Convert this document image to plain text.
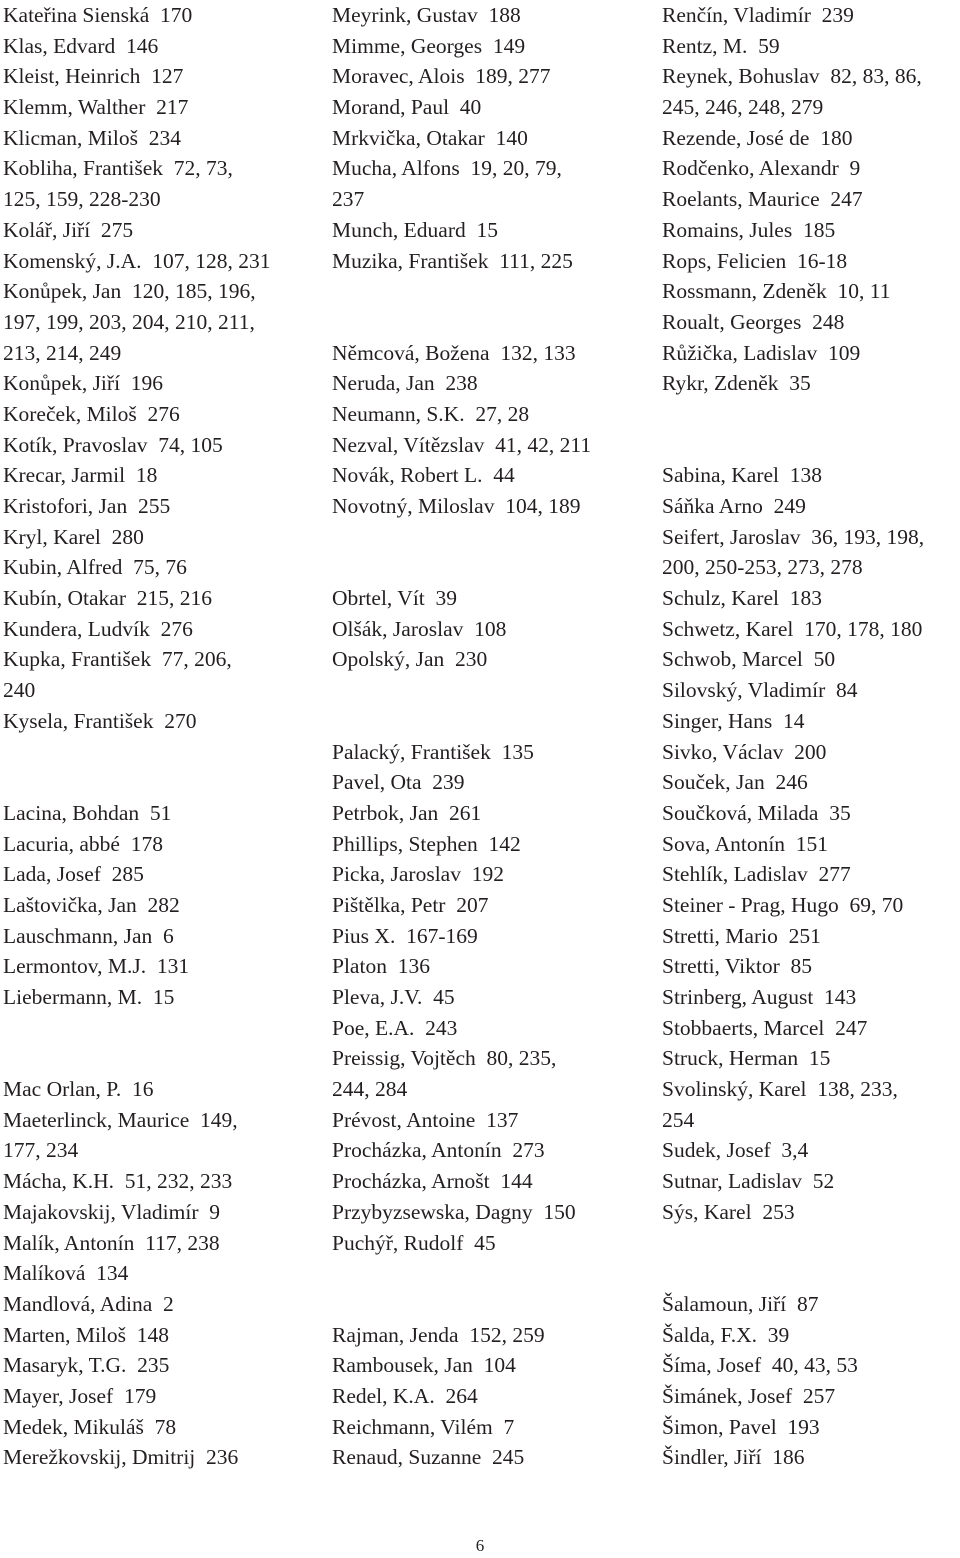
Kateřina Sienská  170
Klas, Edvard  146
Kleist, Heinrich  127
Klemm, Walther  217
Klicman, Miloš  234
Kobliha, František  72, 73,
125, 159, 228-230
Kolář, Jiří  275
Komenský, J.A.  107, 128, 231
Konůpek, Jan  120, 185, 196,
197, 199, 203, 204, 210, 211,
213, 214, 249
Konůpek, Jiří  196
Koreček, Miloš  276
Kotík, Pravoslav  74, 105
Krecar, Jarmil  18
Kristofori, Jan  255
Kryl, Karel  280
Kubin, Alfred  75, 76
Kubín, Otakar  215, 216
Kundera, Ludvík  276
Kupka, František  77, 206,
240
Kysela, František  270
Lacina, Bohdan  51
Lacuria, abbé  178
Lada, Josef  285
Laštovička, Jan  282
Lauschmann, Jan  6
Lermontov, M.J.  131
Liebermann, M.  15
Mac Orlan, P.  16
Maeterlinck, Maurice  149,
177, 234
Mácha, K.H.  51, 232, 233
Majakovskij, Vladimír  9
Malík, Antonín  117, 238
Malíková  134
Mandlová, Adina  2
Marten, Miloš  148
Masaryk, T.G.  235
Mayer, Josef  179
Medek, Mikuláš  78
Merežkovskij, Dmitrij  236
Meyrink, Gustav  188
Mimme, Georges  149
Moravec, Alois  189, 277
Morand, Paul  40
Mrkvička, Otakar  140
Mucha, Alfons  19, 20, 79,
237
Munch, Eduard  15
Muzika, František  111, 225
Němcová, Božena  132, 133
Neruda, Jan  238
Neumann, S.K.  27, 28
Nezval, Vítězslav  41, 42, 211
Novák, Robert L.  44
Novotný, Miloslav  104, 189
Obrtel, Vít  39
Olšák, Jaroslav  108
Opolský, Jan  230
Palacký, František  135
Pavel, Ota  239
Petrbok, Jan  261
Phillips, Stephen  142
Picka, Jaroslav  192
Pištělka, Petr  207
Pius X.  167-169
Platon  136
Pleva, J.V.  45
Poe, E.A.  243
Preissig, Vojtěch  80, 235,
244, 284
Prévost, Antoine  137
Procházka, Antonín  273
Procházka, Arnošt  144
Przybyzsewska, Dagny  150
Puchýř, Rudolf  45
Rajman, Jenda  152, 259
Rambousek, Jan  104
Redel, K.A.  264
Reichmann, Vilém  7
Renaud, Suzanne  245
Renčín, Vladimír  239
Rentz, M.  59
Reynek, Bohuslav  82, 83, 86,
245, 246, 248, 279
Rezende, José de  180
Rodčenko, Alexandr  9
Roelants, Maurice  247
Romains, Jules  185
Rops, Felicien  16-18
Rossmann, Zdeněk  10, 11
Roualt, Georges  248
Růžička, Ladislav  109
Rykr, Zdeněk  35
Sabina, Karel  138
Sáňka Arno  249
Seifert, Jaroslav  36, 193, 198,
200, 250-253, 273, 278
Schulz, Karel  183
Schwetz, Karel  170, 178, 180
Schwob, Marcel  50
Silovský, Vladimír  84
Singer, Hans  14
Sivko, Václav  200
Souček, Jan  246
Součková, Milada  35
Sova, Antonín  151
Stehlík, Ladislav  277
Steiner - Prag, Hugo  69, 70
Stretti, Mario  251
Stretti, Viktor  85
Strinberg, August  143
Stobbaerts, Marcel  247
Struck, Herman  15
Svolinský, Karel  138, 233,
254
Sudek, Josef  3,4
Sutnar, Ladislav  52
Sýs, Karel  253
Šalamoun, Jiří  87
Šalda, F.X.  39
Šíma, Josef  40, 43, 53
Šimánek, Josef  257
Šimon, Pavel  193
Šindler, Jiří  186
6
